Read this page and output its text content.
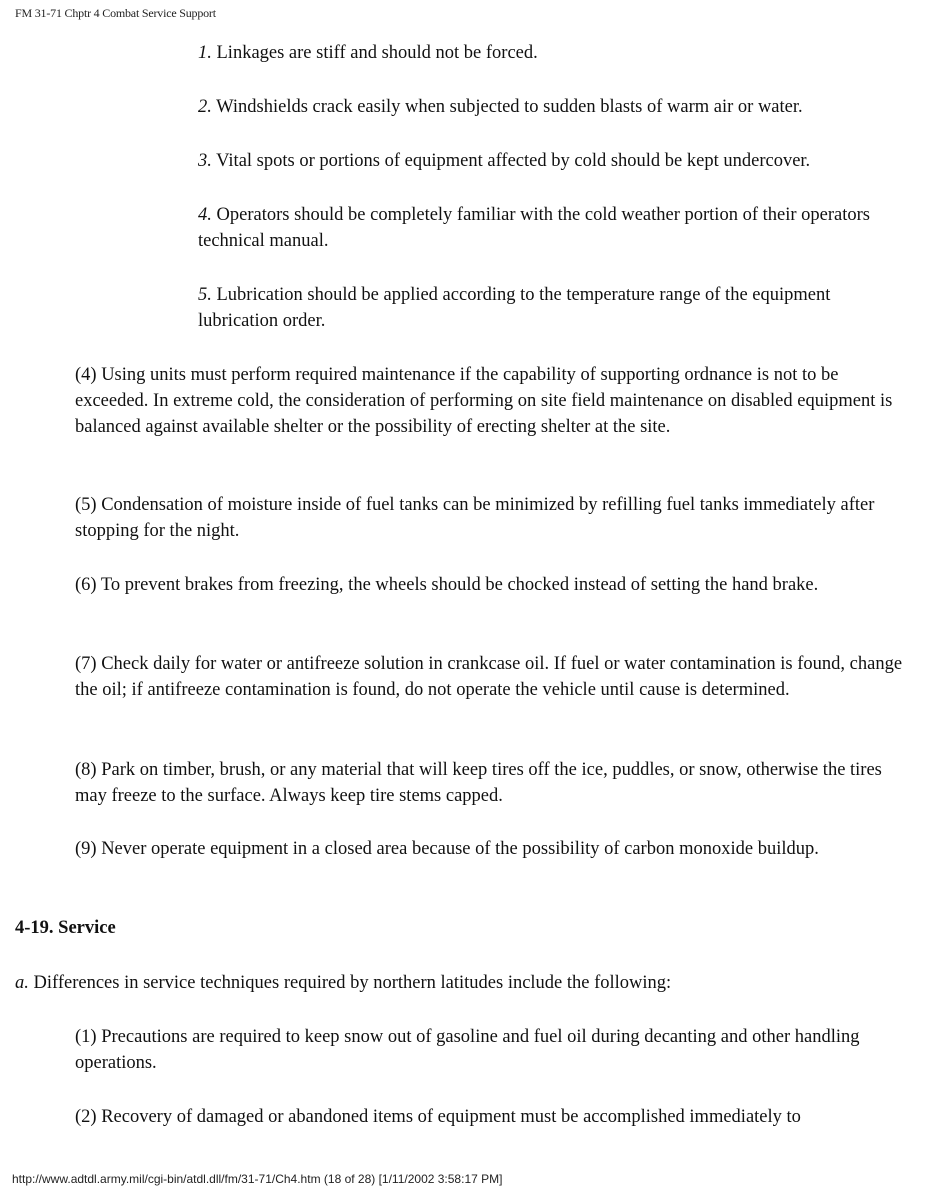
FM 31-71 Chptr 4 Combat Service Support

1. Linkages are stiff and should not be forced.

2. Windshields crack easily when subjected to sudden blasts of warm air or water.

3. Vital spots or portions of equipment affected by cold should be kept undercover.

4. Operators should be completely familiar with the cold weather portion of their operators technical manual.

5. Lubrication should be applied according to the temperature range of the equipment lubrication order.

(4) Using units must perform required maintenance if the capability of supporting ordnance is not to be exceeded. In extreme cold, the consideration of performing on site field maintenance on disabled equipment is balanced against available shelter or the possibility of erecting shelter at the site.

(5) Condensation of moisture inside of fuel tanks can be minimized by refilling fuel tanks immediately after stopping for the night.

(6) To prevent brakes from freezing, the wheels should be chocked instead of setting the hand brake.

(7) Check daily for water or antifreeze solution in crankcase oil. If fuel or water contamination is found, change the oil; if antifreeze contamination is found, do not operate the vehicle until cause is determined.

(8) Park on timber, brush, or any material that will keep tires off the ice, puddles, or snow, otherwise the tires may freeze to the surface. Always keep tire stems capped.

(9) Never operate equipment in a closed area because of the possibility of carbon monoxide buildup.

4-19. Service

a. Differences in service techniques required by northern latitudes include the following:

(1) Precautions are required to keep snow out of gasoline and fuel oil during decanting and other handling operations.

(2) Recovery of damaged or abandoned items of equipment must be accomplished immediately to

http://www.adtdl.army.mil/cgi-bin/atdl.dll/fm/31-71/Ch4.htm (18 of 28) [1/11/2002 3:58:17 PM]
